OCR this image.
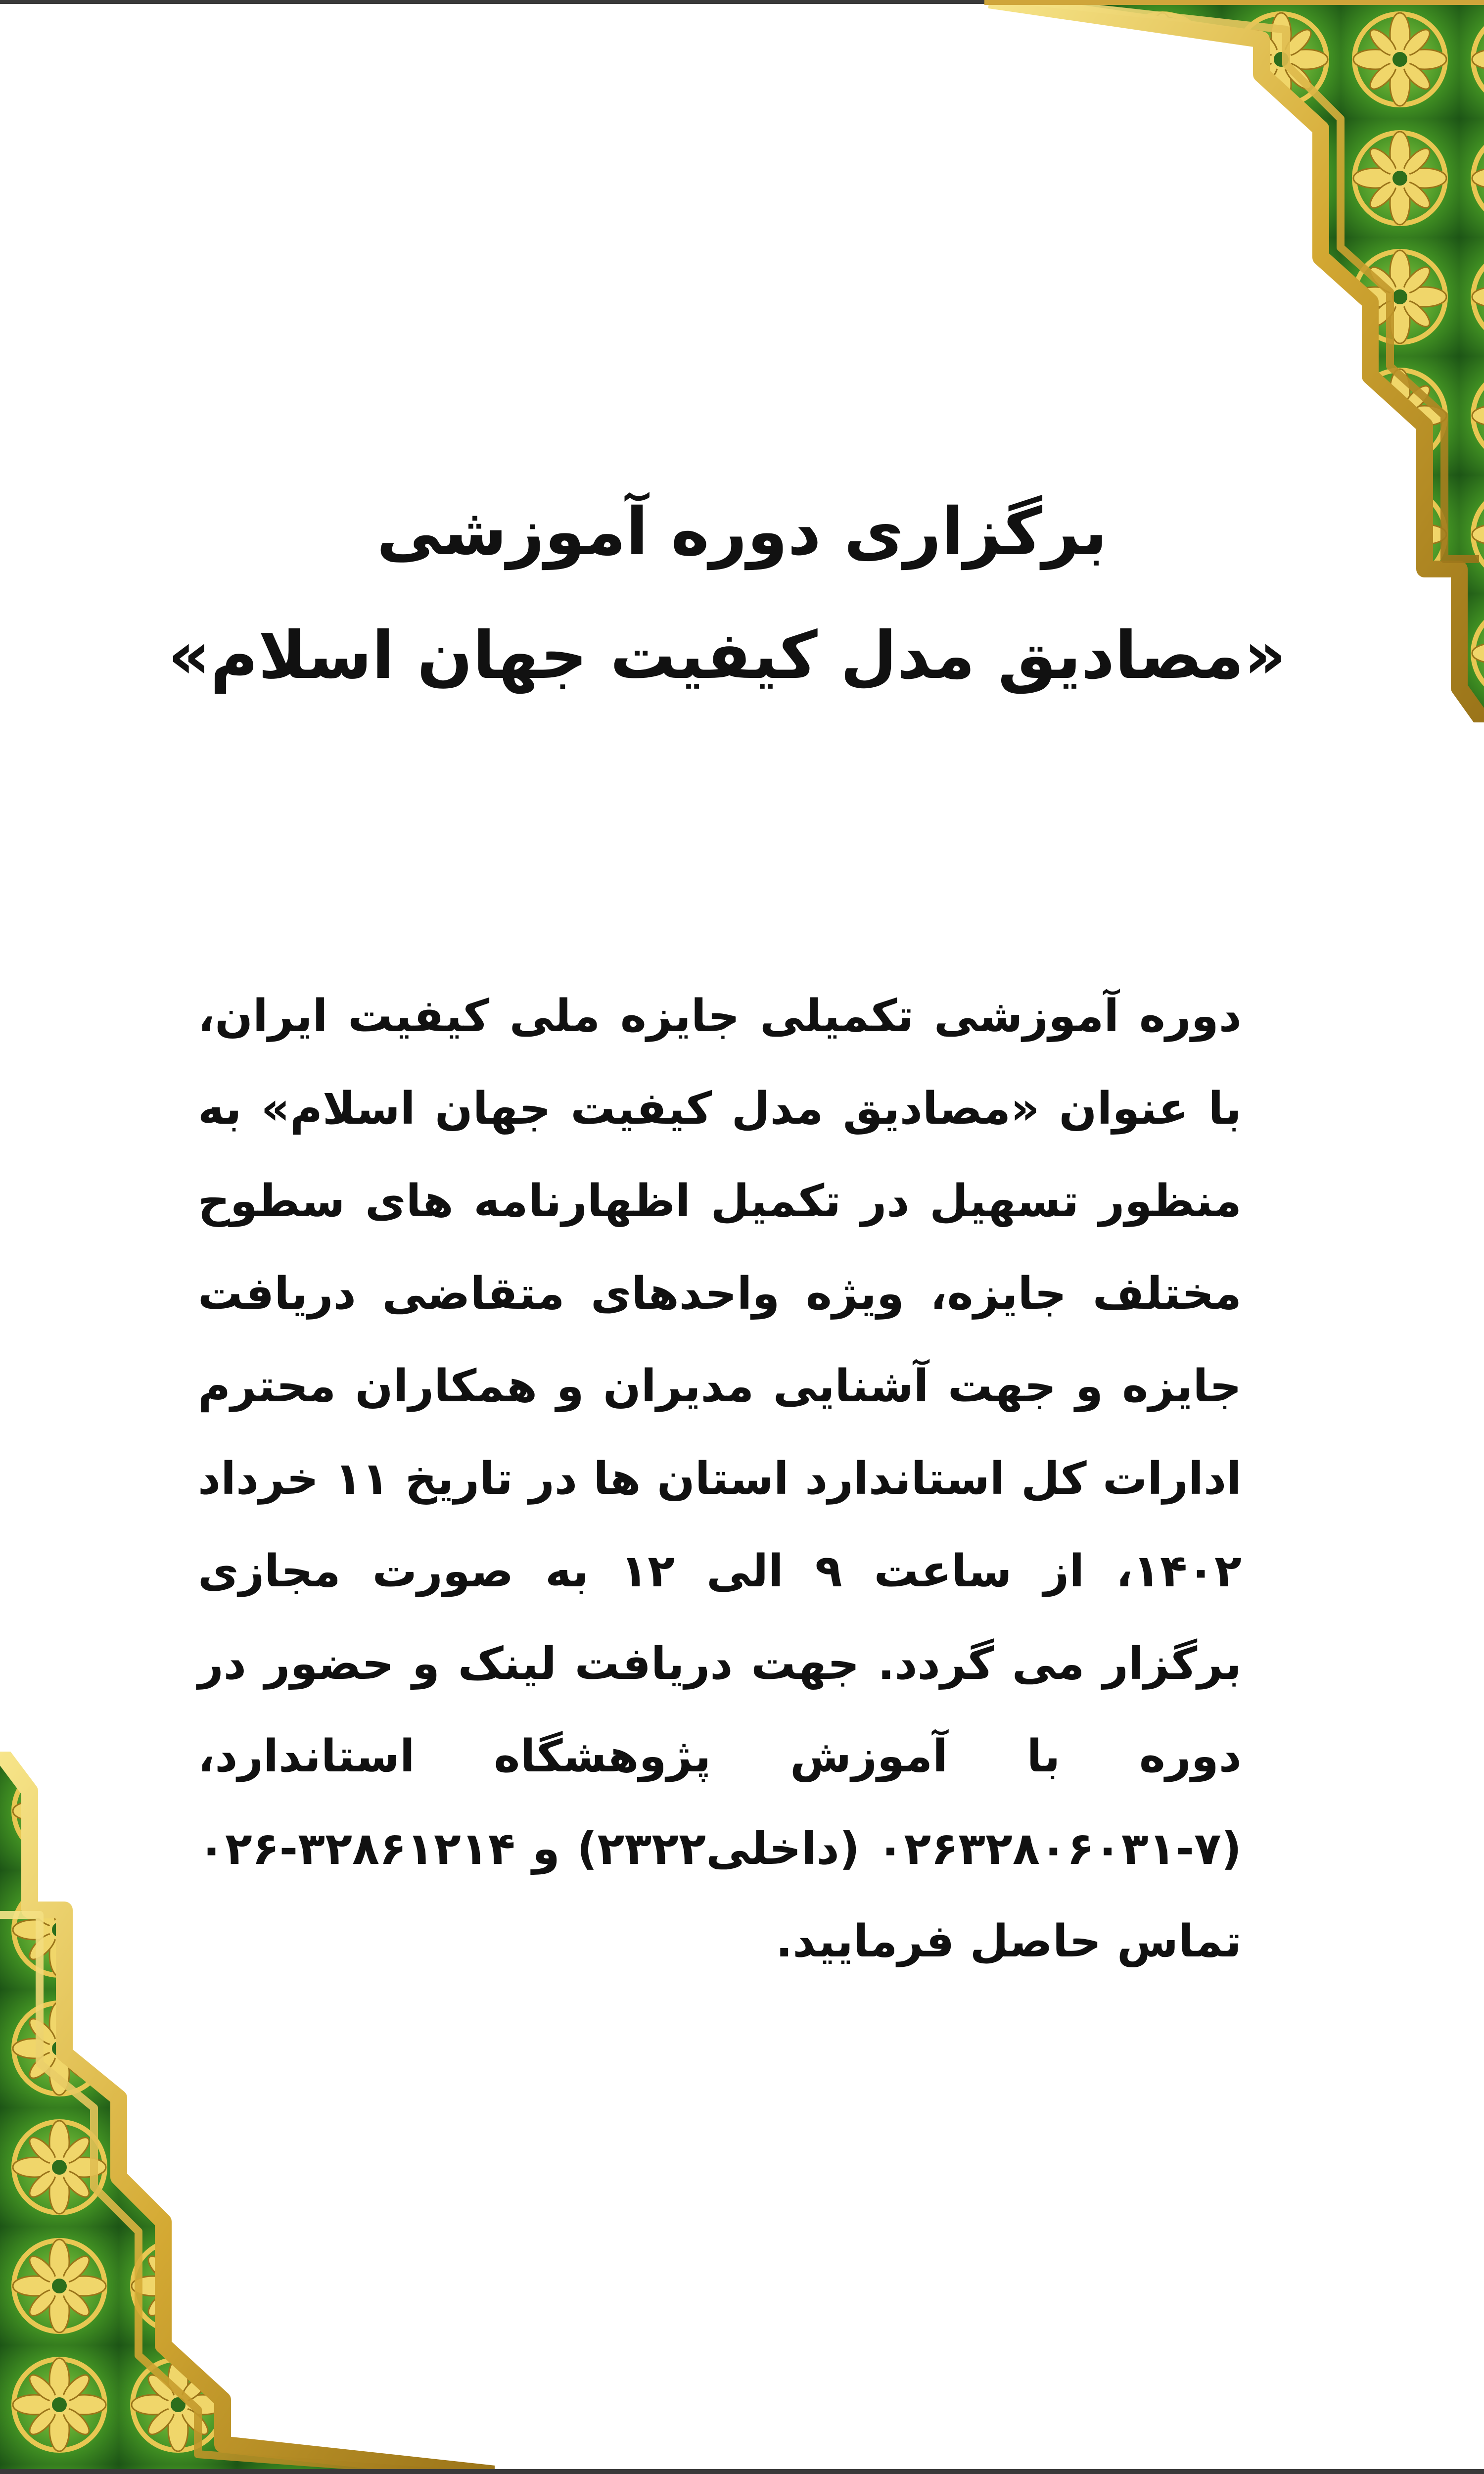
برگزاری دوره آموزشی
«مصادیق مدل کیفیت جهان اسلام»
دوره آموزشی تکمیلی جایزه ملی کیفیت ایران، با عنوان «مصادیق مدل کیفیت جهان اسلام» به منظور تسهیل در تکمیل اظهارنامه های سطوح مختلف جایزه، ویژه واحدهای متقاضی دریافت جایزه و جهت آشنایی مدیران و همکاران محترم ادارات کل استاندارد استان ها در تاریخ ۱۱ خرداد ۱۴۰۲، از ساعت ۹ الی ۱۲ به صورت مجازی برگزار می گردد. جهت دریافت لینک و حضور در دوره با آموزش پژوهشگاه استاندارد، (۷-۰۲۶۳۲۸۰۶۰۳۱ (داخلی۲۳۲۲) و ۳۲۸۶۱۲۱۴-۰۲۶ تماس حاصل فرمایید.
